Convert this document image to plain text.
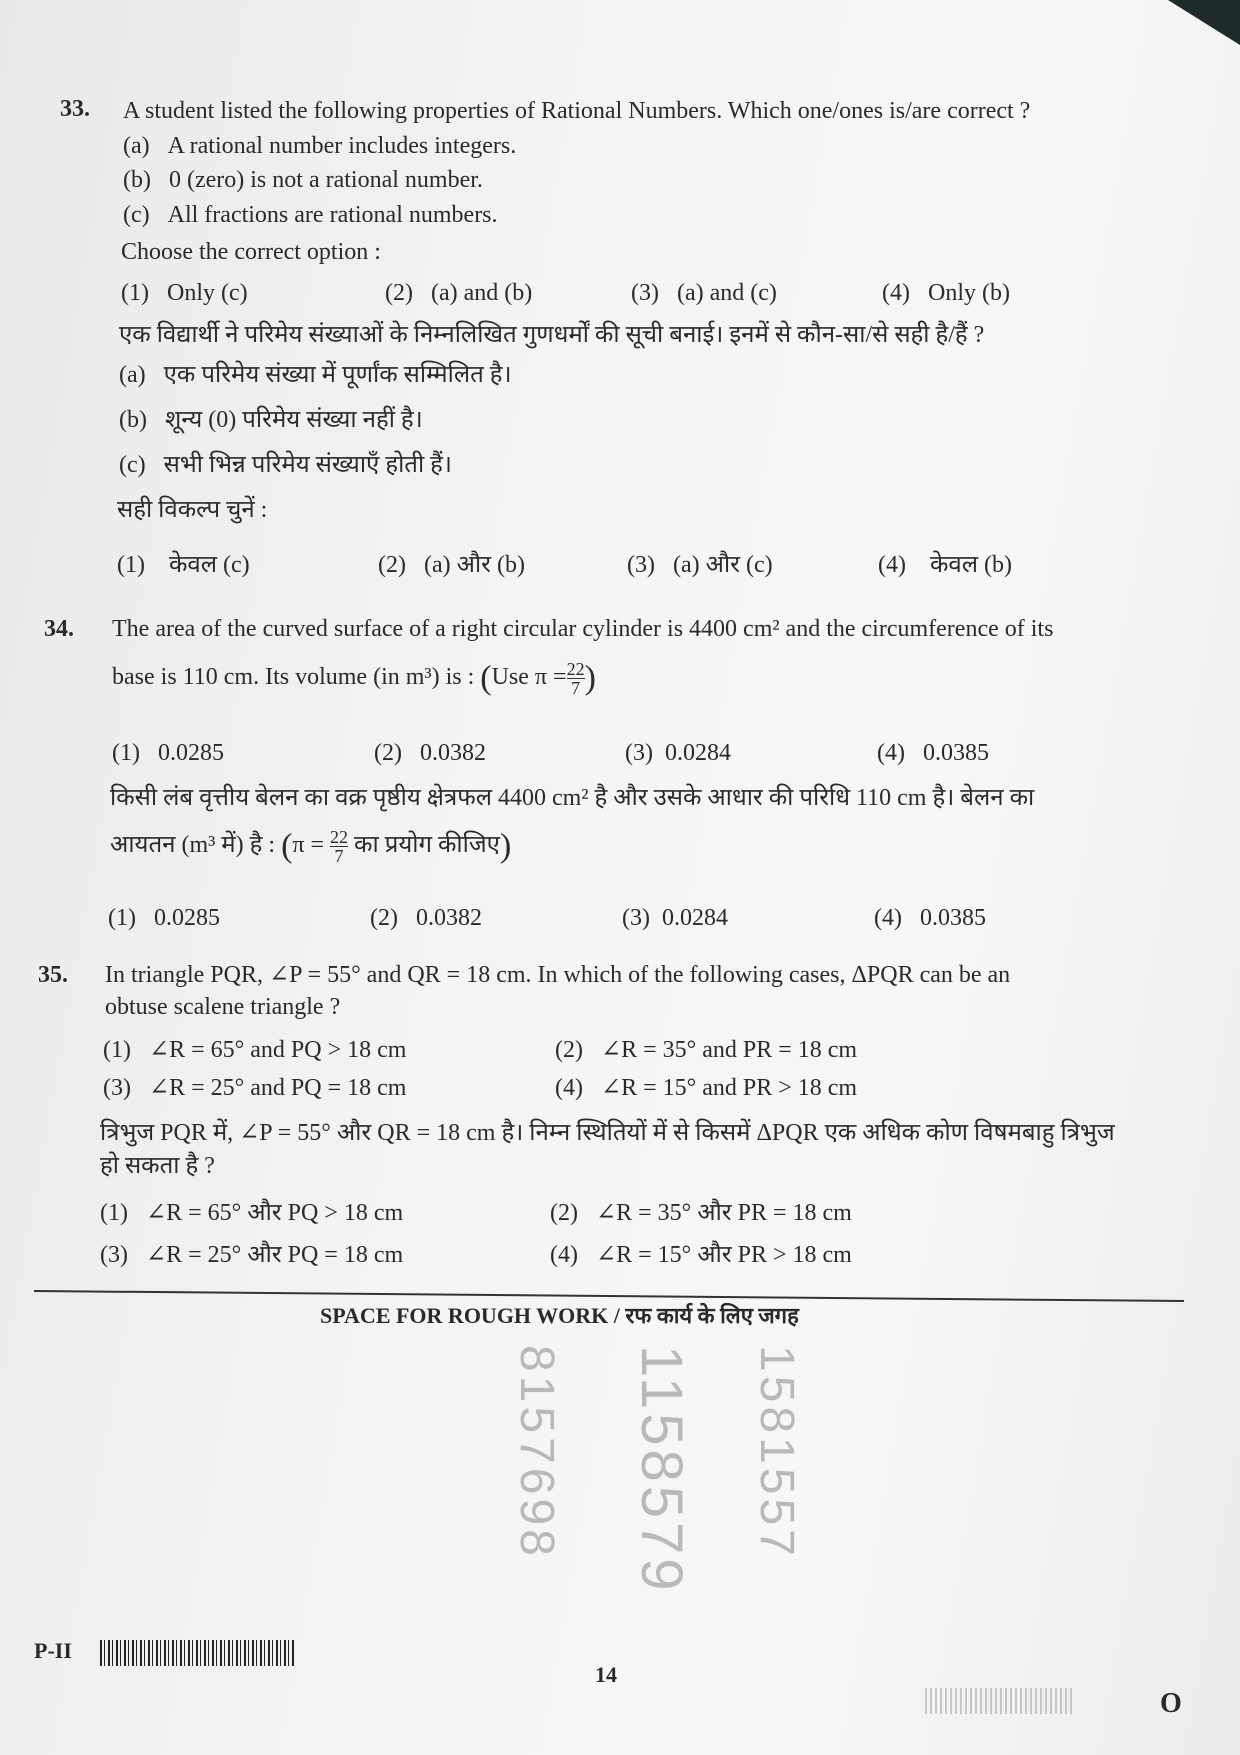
8157698	1581557
1158579
33. A student listed the following properties of Rational Numbers. Which one/ones is/are correct ?
(a) A rational number includes integers.
(b) 0 (zero) is not a rational number.
(c) All fractions are rational numbers.
Choose the correct option :
(1) Only (c)	(2) (a) and (b)	(3) (a) and (c)	(4) Only (b)
एक विद्यार्थी ने परिमेय संख्याओं के निम्नलिखित गुणधर्मों की सूची बनाई। इनमें से कौन-सा/से सही है/हैं ?
(a) एक परिमेय संख्या में पूर्णांक सम्मिलित है।
(b) शून्य (0) परिमेय संख्या नहीं है।
(c) सभी भिन्न परिमेय संख्याएँ होती हैं।
सही विकल्प चुनें :
(1) केवल (c)	(2) (a) और (b)	(3) (a) और (c)	(4) केवल (b)
34. The area of the curved surface of a right circular cylinder is 4400 cm² and the circumference of its
base is 110 cm. Its volume (in m³) is : (Use $\pi = \frac{22}{7}$ )
(1) 0.0285	(2) 0.0382	(3) 0.0284	(4) 0.0385
किसी लंब वृत्तीय बेलन का वक्र पृष्ठीय क्षेत्रफल 4400 cm² है और उसके आधार की परिधि 110 cm है। बेलन का
आयतन (m³ में) है : ($\pi = \frac{22}{7}$ का प्रयोग कीजिए)
(1) 0.0285	(2) 0.0382	(3) 0.0284	(4) 0.0385
35. In triangle PQR, ∠P = 55° and QR = 18 cm. In which of the following cases, ΔPQR can be an
obtuse scalene triangle ?
(1) ∠R = 65° and PQ > 18 cm	(2) ∠R = 35° and PR = 18 cm
(3) ∠R = 25° and PQ = 18 cm	(4) ∠R = 15° and PR > 18 cm
त्रिभुज PQR में, ∠P = 55° और QR = 18 cm है। निम्न स्थितियों में से किसमें ΔPQR एक अधिक कोण विषमबाहु त्रिभुज
हो सकता है ?
(1) ∠R = 65° और PQ > 18 cm	(2) ∠R = 35° और PR = 18 cm
(3) ∠R = 25° और PQ = 18 cm	(4) ∠R = 15° और PR > 18 cm
SPACE FOR ROUGH WORK / रफ कार्य के लिए जगह
P-II
14
O
